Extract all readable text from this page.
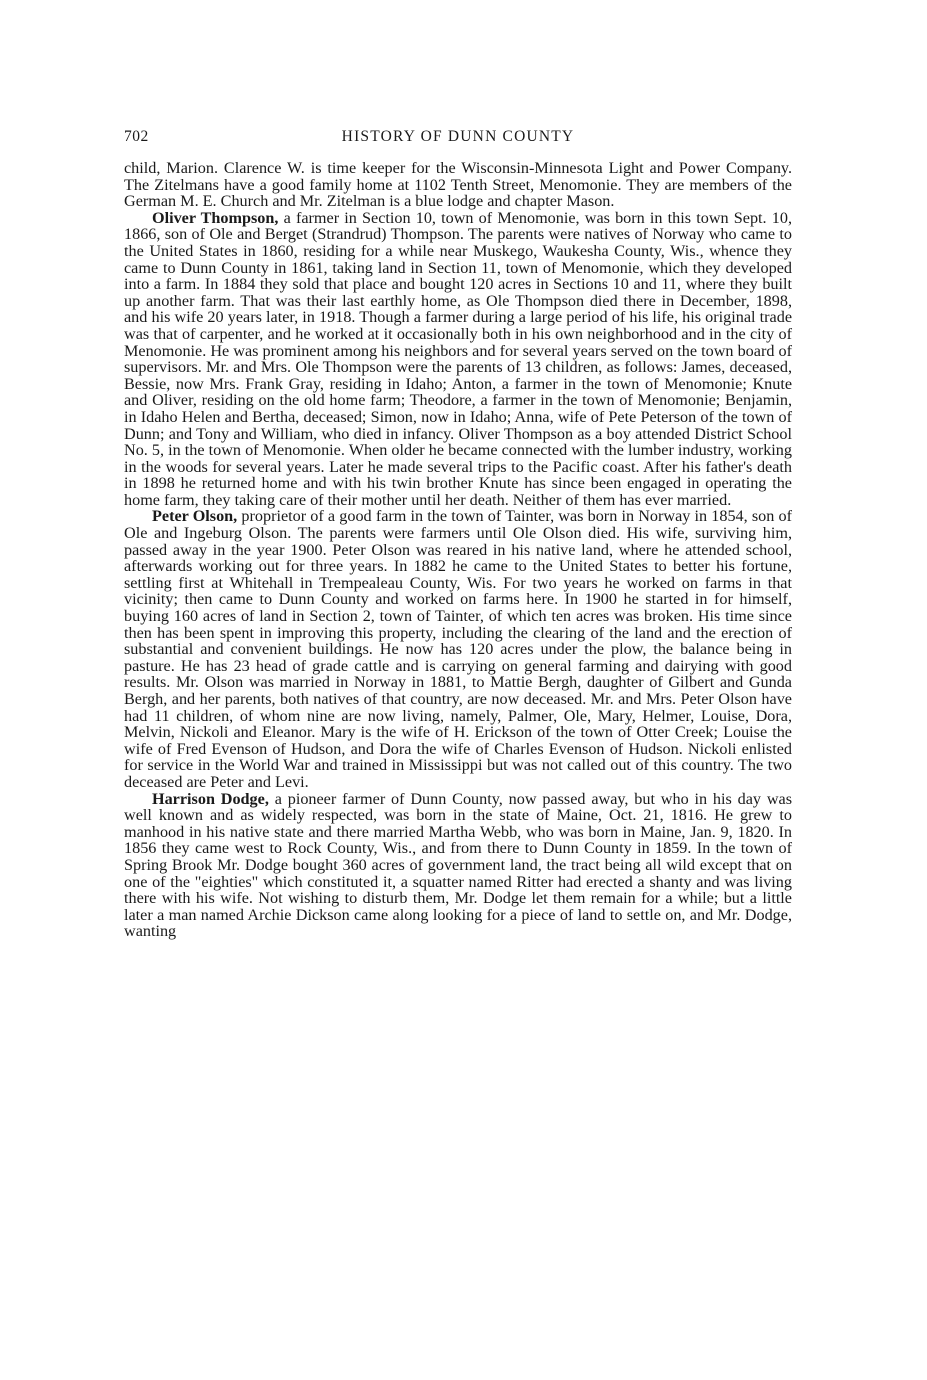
702	HISTORY OF DUNN COUNTY

child, Marion. Clarence W. is time keeper for the Wisconsin-Minnesota Light and Power Company. The Zitelmans have a good family home at 1102 Tenth Street, Menomonie. They are members of the German M. E. Church and Mr. Zitelman is a blue lodge and chapter Mason.

Oliver Thompson, a farmer in Section 10, town of Menomonie, was born in this town Sept. 10, 1866, son of Ole and Berget (Strandrud) Thompson. The parents were natives of Norway who came to the United States in 1860, residing for a while near Muskego, Waukesha County, Wis., whence they came to Dunn County in 1861, taking land in Section 11, town of Menomonie, which they developed into a farm. In 1884 they sold that place and bought 120 acres in Sections 10 and 11, where they built up another farm. That was their last earthly home, as Ole Thompson died there in December, 1898, and his wife 20 years later, in 1918. Though a farmer during a large period of his life, his original trade was that of carpenter, and he worked at it occasionally both in his own neighborhood and in the city of Menomonie. He was prominent among his neighbors and for several years served on the town board of supervisors. Mr. and Mrs. Ole Thompson were the parents of 13 children, as follows: James, deceased, Bessie, now Mrs. Frank Gray, residing in Idaho; Anton, a farmer in the town of Menomonie; Knute and Oliver, residing on the old home farm; Theodore, a farmer in the town of Menomonie; Benjamin, in Idaho Helen and Bertha, deceased; Simon, now in Idaho; Anna, wife of Pete Peterson of the town of Dunn; and Tony and William, who died in infancy. Oliver Thompson as a boy attended District School No. 5, in the town of Menomonie. When older he became connected with the lumber industry, working in the woods for several years. Later he made several trips to the Pacific coast. After his father's death in 1898 he returned home and with his twin brother Knute has since been engaged in operating the home farm, they taking care of their mother until her death. Neither of them has ever married.

Peter Olson, proprietor of a good farm in the town of Tainter, was born in Norway in 1854, son of Ole and Ingeburg Olson. The parents were farmers until Ole Olson died. His wife, surviving him, passed away in the year 1900. Peter Olson was reared in his native land, where he attended school, afterwards working out for three years. In 1882 he came to the United States to better his fortune, settling first at Whitehall in Trempealeau County, Wis. For two years he worked on farms in that vicinity; then came to Dunn County and worked on farms here. In 1900 he started in for himself, buying 160 acres of land in Section 2, town of Tainter, of which ten acres was broken. His time since then has been spent in improving this property, including the clearing of the land and the erection of substantial and convenient buildings. He now has 120 acres under the plow, the balance being in pasture. He has 23 head of grade cattle and is carrying on general farming and dairying with good results. Mr. Olson was married in Norway in 1881, to Mattie Bergh, daughter of Gilbert and Gunda Bergh, and her parents, both natives of that country, are now deceased. Mr. and Mrs. Peter Olson have had 11 children, of whom nine are now living, namely, Palmer, Ole, Mary, Helmer, Louise, Dora, Melvin, Nickoli and Eleanor. Mary is the wife of H. Erickson of the town of Otter Creek; Louise the wife of Fred Evenson of Hudson, and Dora the wife of Charles Evenson of Hudson. Nickoli enlisted for service in the World War and trained in Mississippi but was not called out of this country. The two deceased are Peter and Levi.

Harrison Dodge, a pioneer farmer of Dunn County, now passed away, but who in his day was well known and as widely respected, was born in the state of Maine, Oct. 21, 1816. He grew to manhood in his native state and there married Martha Webb, who was born in Maine, Jan. 9, 1820. In 1856 they came west to Rock County, Wis., and from there to Dunn County in 1859. In the town of Spring Brook Mr. Dodge bought 360 acres of government land, the tract being all wild except that on one of the "eighties" which constituted it, a squatter named Ritter had erected a shanty and was living there with his wife. Not wishing to disturb them, Mr. Dodge let them remain for a while; but a little later a man named Archie Dickson came along looking for a piece of land to settle on, and Mr. Dodge, wanting
